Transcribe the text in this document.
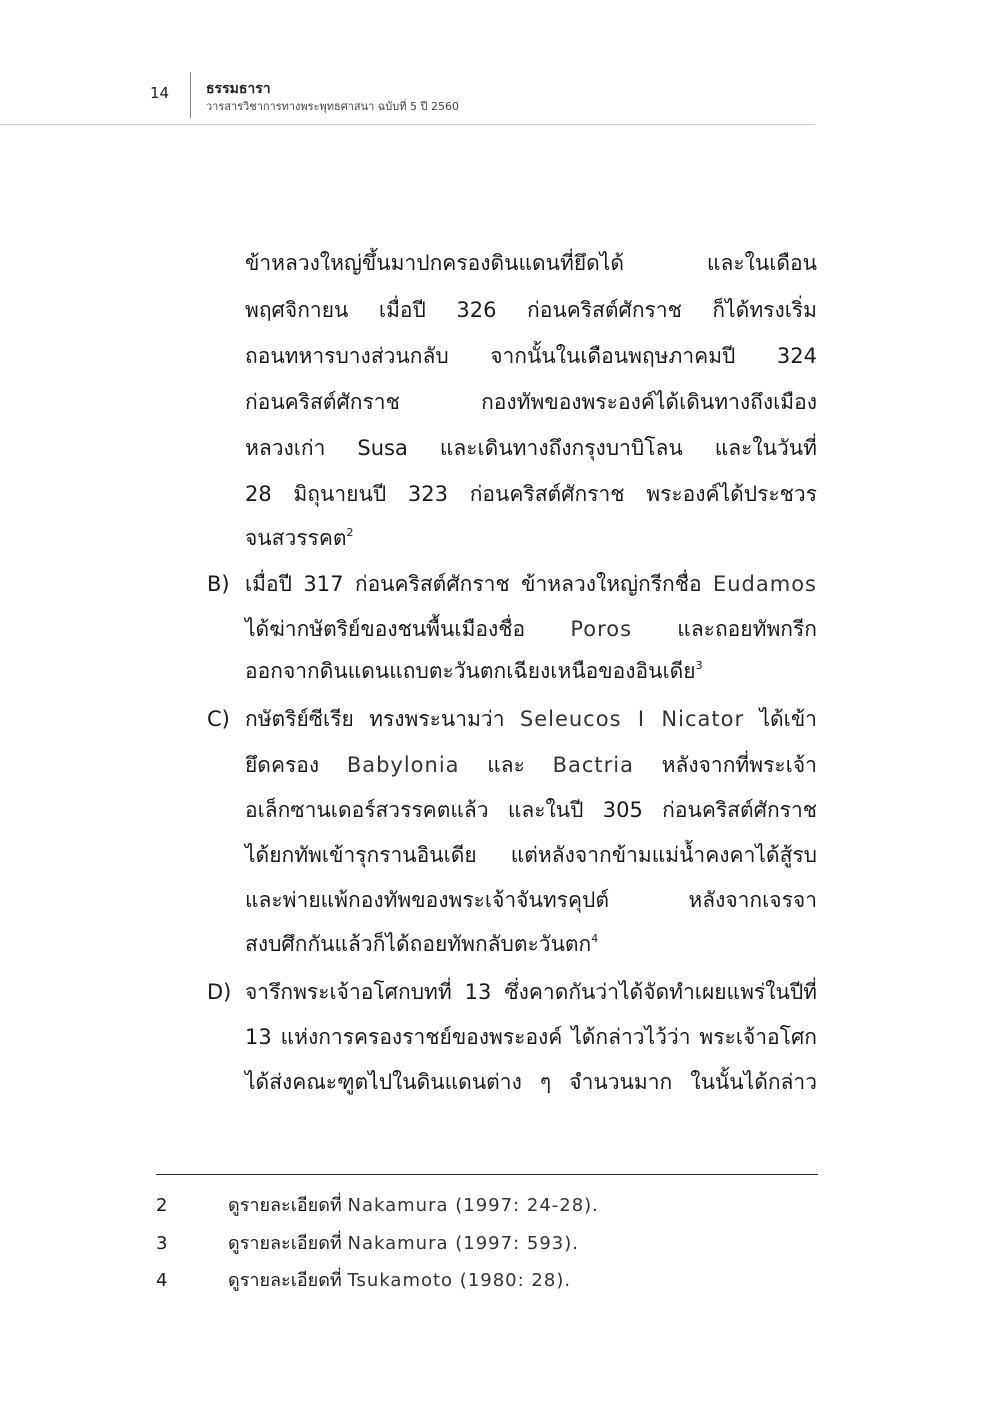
14	ธรรมธารา
วารสารวิชาการทางพระพุทธศาสนา ฉบับที่ 5 ปี 2560
ข้าหลวงใหญ่ขึ้นมาปกครองดินแดนที่ยึดได้ และในเดือน
พฤศจิกายน เมื่อปี 326 ก่อนคริสต์ศักราช ก็ได้ทรงเริ่ม
ถอนทหารบางส่วนกลับ จากนั้นในเดือนพฤษภาคมปี 324
ก่อนคริสต์ศักราช กองทัพของพระองค์ได้เดินทางถึงเมือง
หลวงเก่า Susa และเดินทางถึงกรุงบาบิโลน และในวันที่
28 มิถุนายนปี 323 ก่อนคริสต์ศักราช พระองค์ได้ประชวร
จนสวรรคต$^2$
B) เมื่อปี 317 ก่อนคริสต์ศักราช ข้าหลวงใหญ่กรีกชื่อ Eudamos
ได้ฆ่ากษัตริย์ของชนพื้นเมืองชื่อ Poros และถอยทัพกรีก
ออกจากดินแดนแถบตะวันตกเฉียงเหนือของอินเดีย$^3$
C) กษัตริย์ซีเรีย ทรงพระนามว่า Seleucos I Nicator ได้เข้า
ยึดครอง Babylonia และ Bactria หลังจากที่พระเจ้า
อเล็กซานเดอร์สวรรคตแล้ว และในปี 305 ก่อนคริสต์ศักราช
ได้ยกทัพเข้ารุกรานอินเดีย แต่หลังจากข้ามแม่น้ำคงคาได้สู้รบ
และพ่ายแพ้กองทัพของพระเจ้าจันทรคุปต์ หลังจากเจรจา
สงบศึกกันแล้วก็ได้ถอยทัพกลับตะวันตก$^4$
D) จารึกพระเจ้าอโศกบทที่ 13 ซึ่งคาดกันว่าได้จัดทำเผยแพร่ในปีที่
13 แห่งการครองราชย์ของพระองค์ ได้กล่าวไว้ว่า พระเจ้าอโศก
ได้ส่งคณะฑูตไปในดินแดนต่าง ๆ จำนวนมาก ในนั้นได้กล่าว
2	ดูรายละเอียดที่ Nakamura (1997: 24-28).
3	ดูรายละเอียดที่ Nakamura (1997: 593).
4	ดูรายละเอียดที่ Tsukamoto (1980: 28).
